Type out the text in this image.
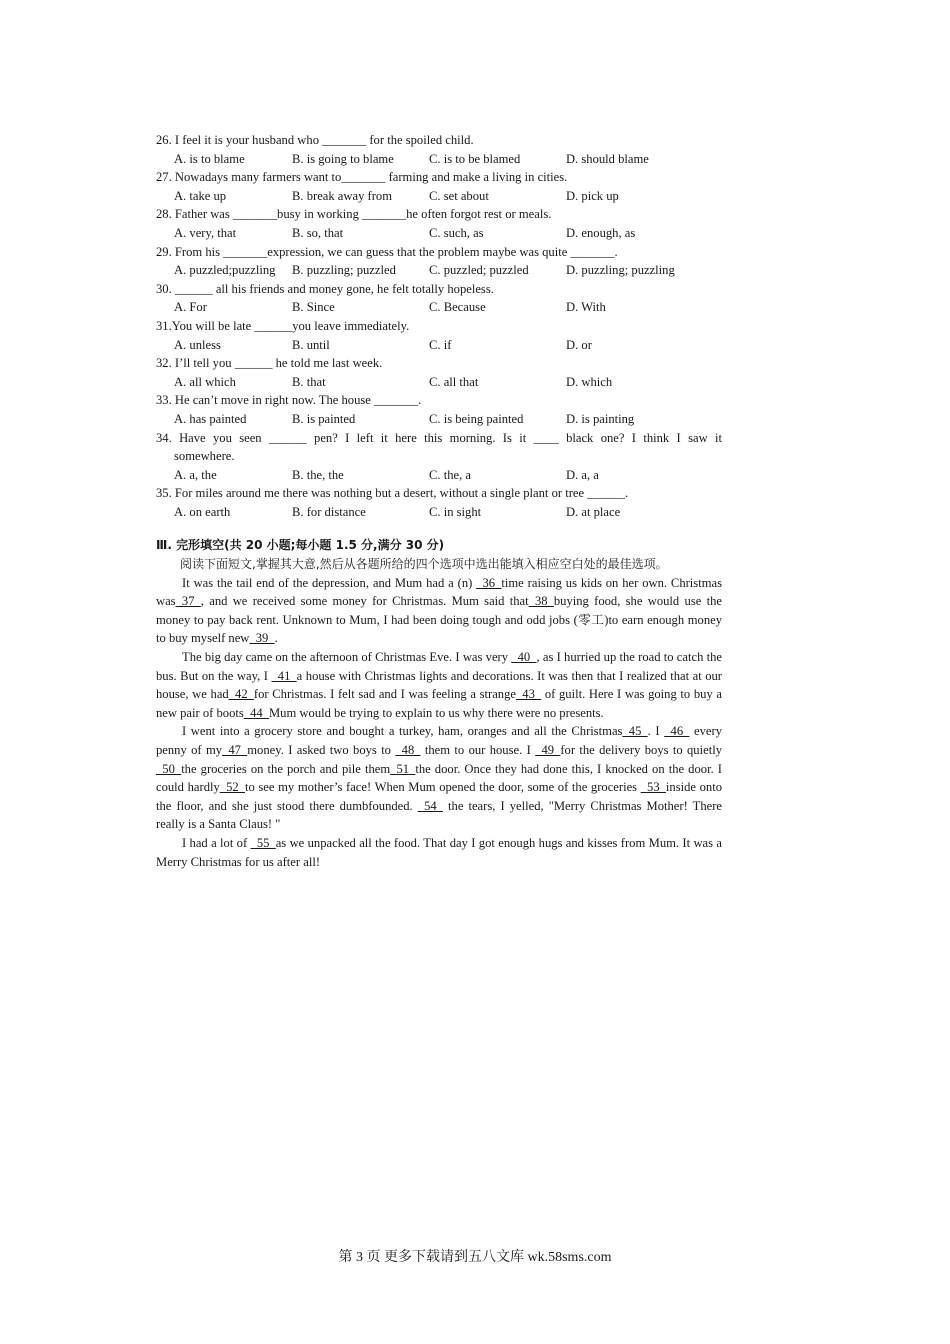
26. I feel it is your husband who _______ for the spoiled child.
A. is to blame	B. is going to blame	C. is to be blamed	D. should blame
27. Nowadays many farmers want to_______ farming and make a living in cities.
A. take up	B. break away from	C. set about	D. pick up
28. Father was _______busy in working _______he often forgot rest or meals.
A. very, that	B. so, that	C. such, as	D. enough, as
29. From his _______expression, we can guess that the problem maybe was quite _______.
A. puzzled;puzzling B. puzzling; puzzled	C. puzzled; puzzled	D. puzzling; puzzling
30. ______ all his friends and money gone, he felt totally hopeless.
A. For	B. Since	C. Because	D. With
31.You will be late ______you leave immediately.
A. unless	B. until	C. if	D. or
32. I’ll tell you ______ he told me last week.
A. all which	B. that	C. all that	D. which
33. He can’t move in right now. The house _______.
A. has painted	B. is painted	C. is being painted	D. is painting
34. Have you seen ______ pen? I left it here this morning. Is it ____ black one? I think I saw it
somewhere.
A. a, the	B. the, the	C. the, a	D. a, a
35. For miles around me there was nothing but a desert, without a single plant or tree ______.
A. on earth	B. for distance	C. in sight	D. at place
Ⅲ. 完形填空(共 20 小题;每小题 1.5 分,满分 30 分)
阅读下面短文,掌握其大意,然后从各题所给的四个选项中选出能填入相应空白处的最佳选项。
It was the tail end of the depression, and Mum had a (n)   36  time raising us kids on her own. Christmas was  37  , and we received some money for Christmas. Mum said that  38  buying food, she would use the money to pay back rent. Unknown to Mum, I had been doing tough and odd jobs (零工)to earn enough money to buy myself new  39  .
The big day came on the afternoon of Christmas Eve. I was very   40  , as I hurried up the road to catch the bus. But on the way, I   41  a house with Christmas lights and decorations. It was then that I realized that at our house, we had  42  for Christmas. I felt sad and I was feeling a strange  43   of guilt. Here I was going to buy a new pair of boots  44  Mum would be trying to explain to us why there were no presents.
I went into a grocery store and bought a turkey, ham, oranges and all the Christmas  45  . I   46   every penny of my  47  money. I asked two boys to   48   them to our house. I   49  for the delivery boys to quietly  50  the groceries on the porch and pile them  51  the door. Once they had done this, I knocked on the door. I could hardly  52  to see my mother’s face! When Mum opened the door, some of the groceries   53  inside onto the floor, and she just stood there dumbfounded.   54   the tears, I yelled, "Merry Christmas Mother! There really is a Santa Claus! "
I had a lot of   55  as we unpacked all the food. That day I got enough hugs and kisses from Mum. It was a Merry Christmas for us after all!
第 3 页 更多下载请到五八文库 wk.58sms.com
